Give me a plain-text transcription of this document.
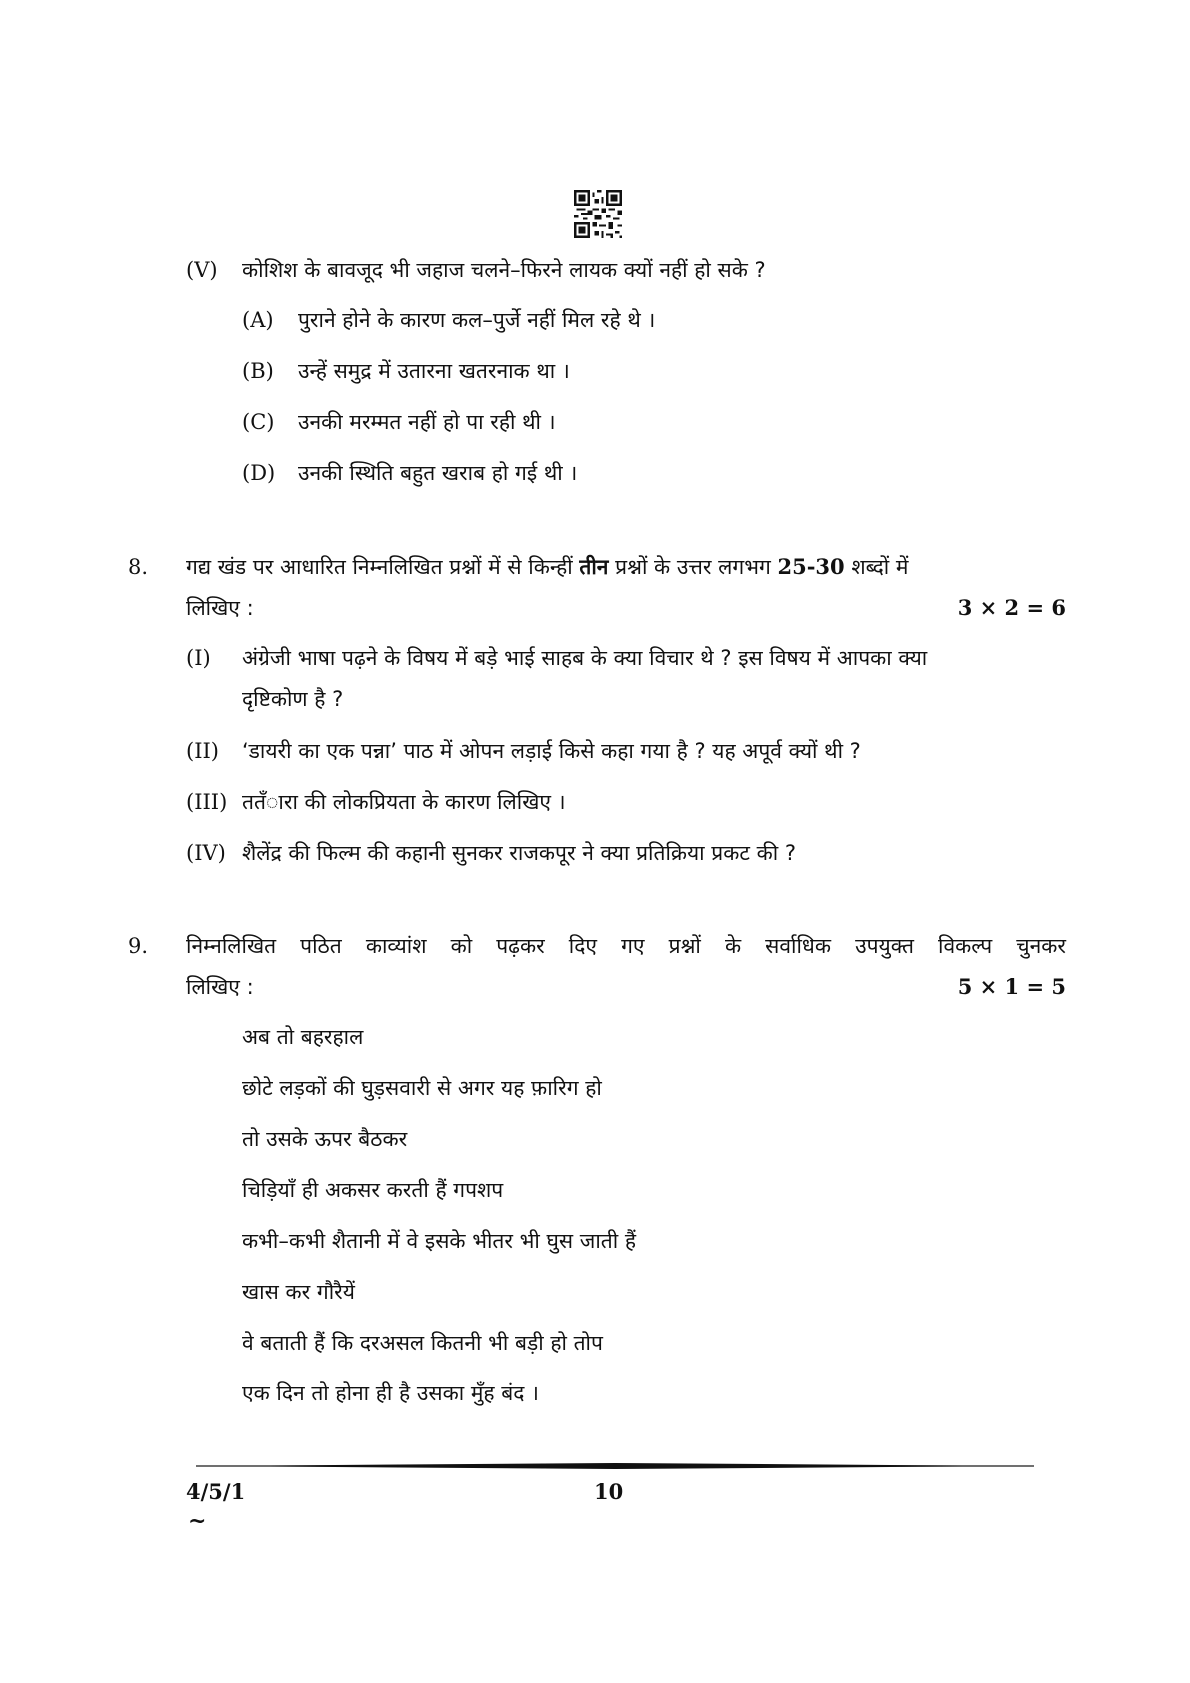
(V) कोशिश के बावजूद भी जहाज चलने–फिरने लायक क्यों नहीं हो सके ?
(A) पुराने होने के कारण कल–पुर्जे नहीं मिल रहे थे ।
(B) उन्हें समुद्र में उतारना खतरनाक था ।
(C) उनकी मरम्मत नहीं हो पा रही थी ।
(D) उनकी स्थिति बहुत खराब हो गई थी ।
8. गद्य खंड पर आधारित निम्नलिखित प्रश्नों में से किन्हीं तीन प्रश्नों के उत्तर लगभग 25-30 शब्दों में
लिखिए :	3 × 2 = 6
(I) अंग्रेजी भाषा पढ़ने के विषय में बड़े भाई साहब के क्या विचार थे ? इस विषय में आपका क्या
दृष्टिकोण है ?
(II) ‘डायरी का एक पन्ना’ पाठ में ओपन लड़ाई किसे कहा गया है ? यह अपूर्व क्यों थी ?
(III) ततँारा की लोकप्रियता के कारण लिखिए ।
(IV) शैलेंद्र की फिल्म की कहानी सुनकर राजकपूर ने क्या प्रतिक्रिया प्रकट की ?
9. निम्नलिखित पठित काव्यांश को पढ़कर दिए गए प्रश्नों के सर्वाधिक उपयुक्त विकल्प चुनकर
लिखिए :	5 × 1 = 5
अब तो बहरहाल
छोटे लड़कों की घुड़सवारी से अगर यह फ़ारिग हो
तो उसके ऊपर बैठकर
चिड़ियाँ ही अकसर करती हैं गपशप
कभी–कभी शैतानी में वे इसके भीतर भी घुस जाती हैं
खास कर गौरैयें
वे बताती हैं कि दरअसल कितनी भी बड़ी हो तोप
एक दिन तो होना ही है उसका मुँह बंद ।
4/5/1	10
~
